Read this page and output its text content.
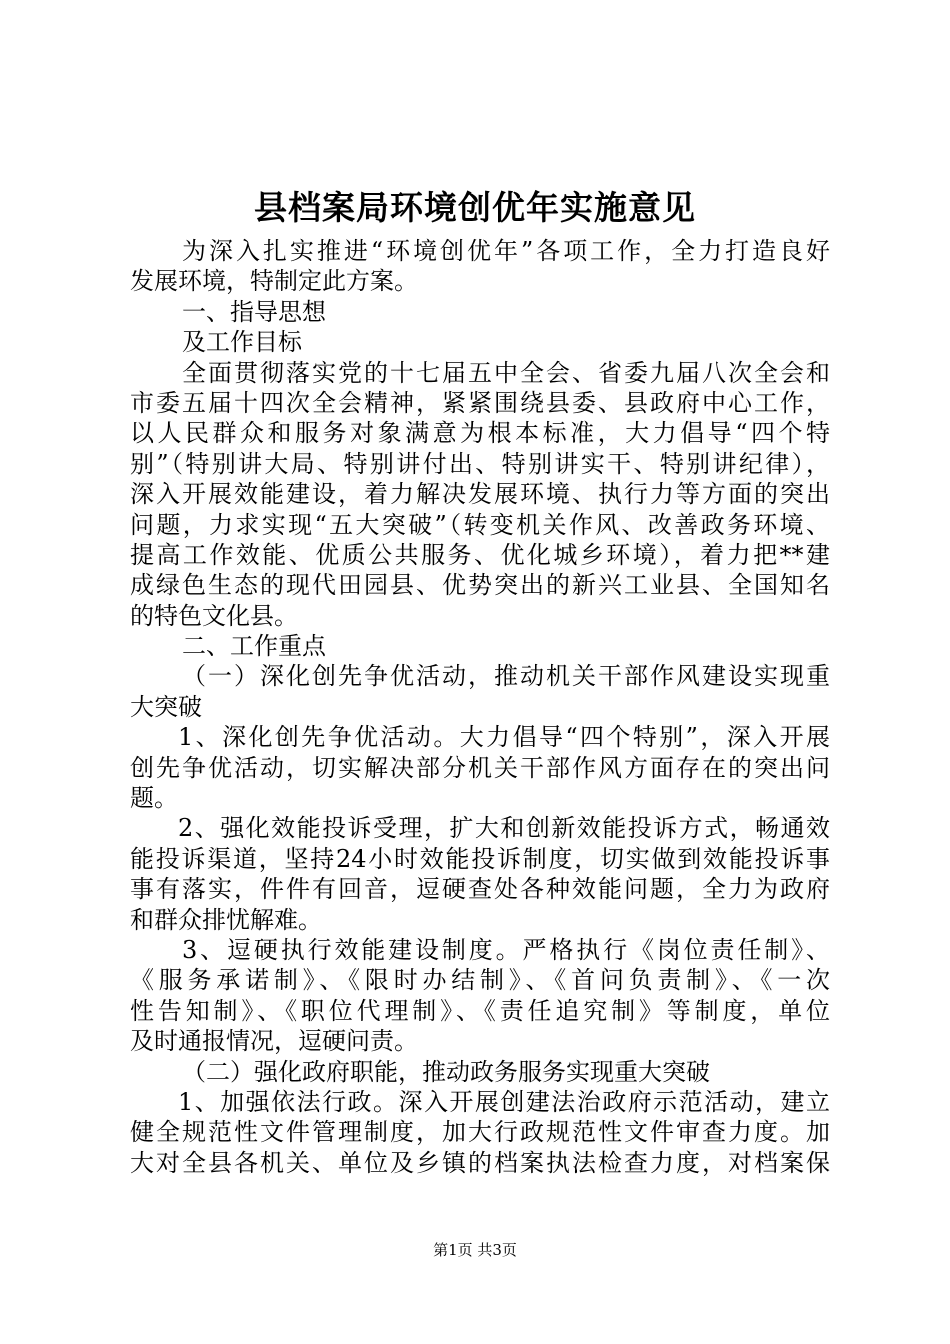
县档案局环境创优年实施意见
为深入扎实推进“环境创优年”各项工作，全力打造良好
发展环境，特制定此方案。
一、指导思想
及工作目标
全面贯彻落实党的十七届五中全会、省委九届八次全会和
市委五届十四次全会精神，紧紧围绕县委、县政府中心工作，
以人民群众和服务对象满意为根本标准，大力倡导“四个特
别”（特别讲大局、特别讲付出、特别讲实干、特别讲纪律），
深入开展效能建设，着力解决发展环境、执行力等方面的突出
问题，力求实现“五大突破”（转变机关作风、改善政务环境、
提高工作效能、优质公共服务、优化城乡环境），着力把**建
成绿色生态的现代田园县、优势突出的新兴工业县、全国知名
的特色文化县。
二、工作重点
（一）深化创先争优活动，推动机关干部作风建设实现重
大突破
1、深化创先争优活动。大力倡导“四个特别”，深入开展
创先争优活动，切实解决部分机关干部作风方面存在的突出问
题。
2、强化效能投诉受理，扩大和创新效能投诉方式，畅通效
能投诉渠道，坚持24小时效能投诉制度，切实做到效能投诉事
事有落实，件件有回音，逗硬查处各种效能问题，全力为政府
和群众排忧解难。
3、逗硬执行效能建设制度。严格执行《岗位责任制》、
《服务承诺制》、《限时办结制》、《首问负责制》、《一次
性告知制》、《职位代理制》、《责任追究制》等制度，单位
及时通报情况，逗硬问责。
（二）强化政府职能，推动政务服务实现重大突破
1、加强依法行政。深入开展创建法治政府示范活动，建立
健全规范性文件管理制度，加大行政规范性文件审查力度。加
大对全县各机关、单位及乡镇的档案执法检查力度，对档案保
第1页 共3页
